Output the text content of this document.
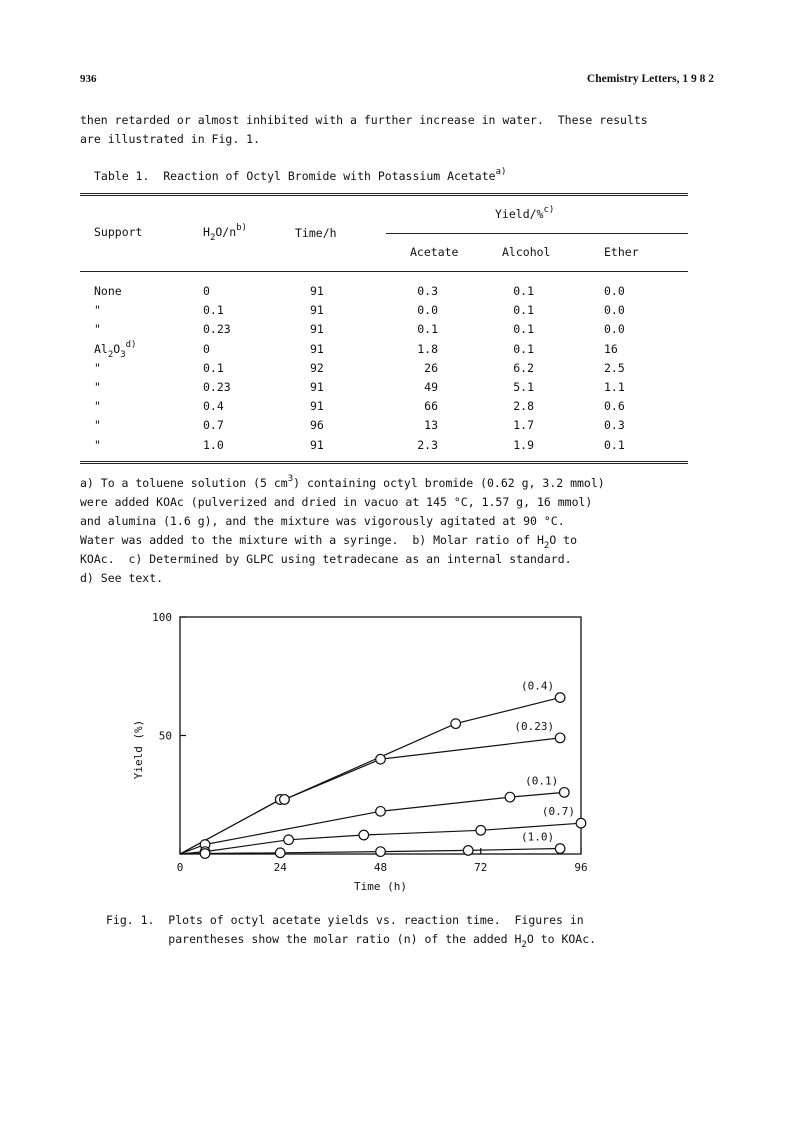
936	Chemistry Letters, 1 9 8 2
then retarded or almost inhibited with a further increase in water.  These results
are illustrated in Fig. 1.
Table 1.  Reaction of Octyl Bromide with Potassium Acetate$^{a)}$
Support	$H_2O/n^{b)}$	Time/h
Yield/%$^{c)}$
Acetate	Alcohol	Ether
None	0	91	0.3	0.1	0.0
"	0.1	91	0.0	0.1	0.0
"	0.23	91	0.1	0.1	0.0
$Al_2O_3^{d)}$	0	91	1.8	0.1	16
"	0.1	92	26	6.2	2.5
"	0.23	91	49	5.1	1.1
"	0.4	91	66	2.8	0.6
"	0.7	96	13	1.7	0.3
"	1.0	91	2.3	1.9	0.1
a) To a toluene solution (5 $cm^3$) containing octyl bromide (0.62 g, 3.2 mmol)
were added KOAc (pulverized and dried in vacuo at 145 °C, 1.57 g, 16 mmol)
and alumina (1.6 g), and the mixture was vigorously agitated at 90 °C.
Water was added to the mixture with a syringe.  b) Molar ratio of $H_2O$ to
KOAc.  c) Determined by GLPC using tetradecane as an internal standard.
d) See text.
0	24	48	72	96
50
100
Time (h)
Yield (%)
(0.4)
(0.23)
(0.1)
(0.7)
(1.0)
Fig. 1.  Plots of octyl acetate yields vs. reaction time.  Figures in
parentheses show the molar ratio (n) of the added $H_2O$ to KOAc.
